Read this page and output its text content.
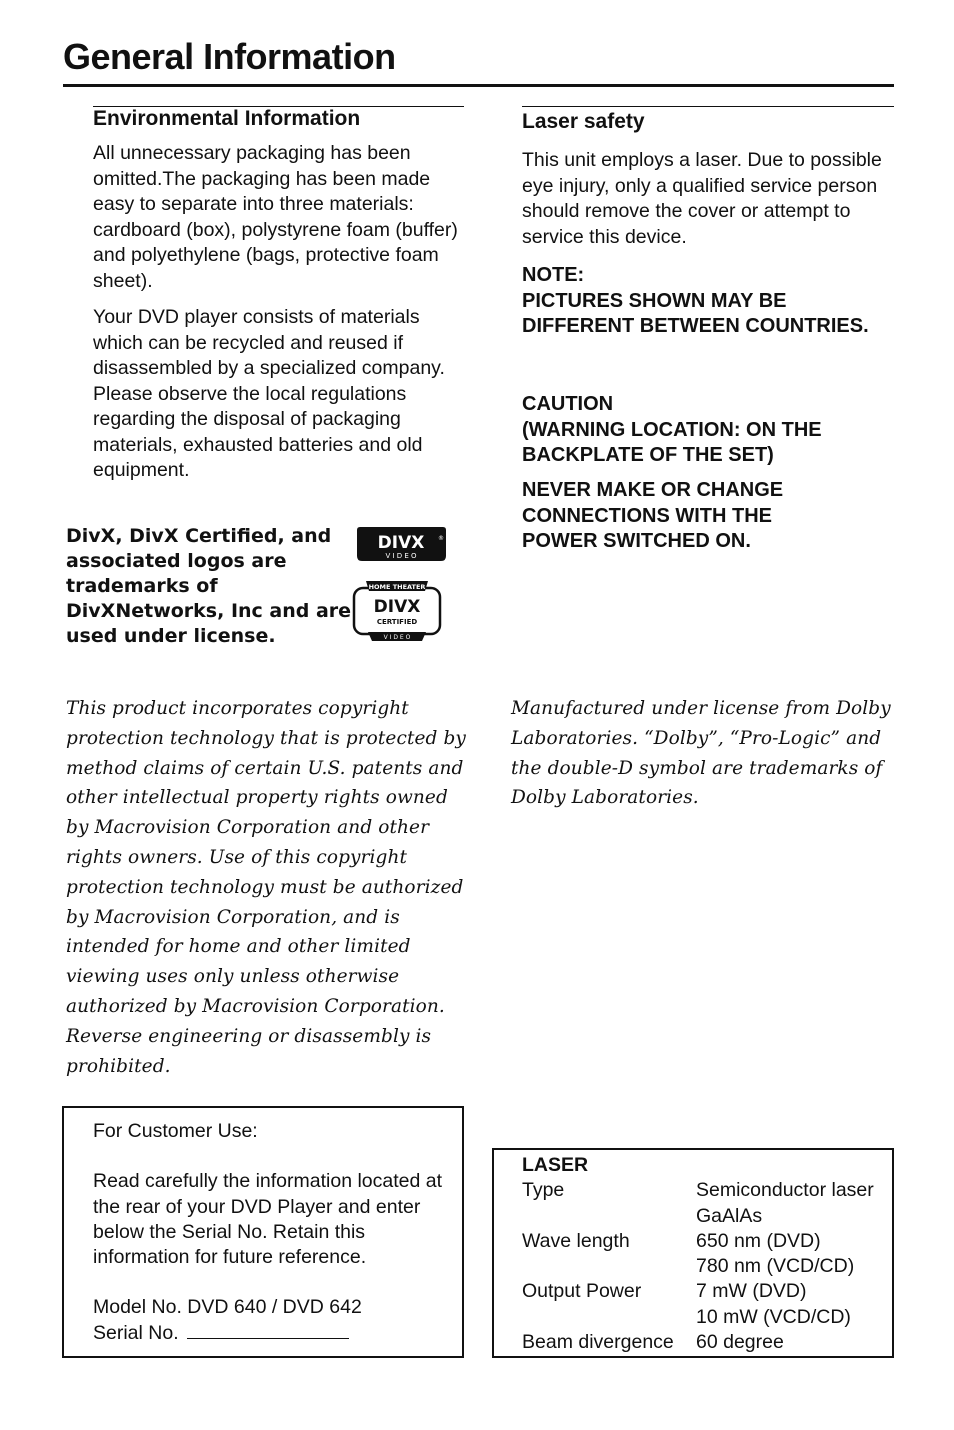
General Information
Environmental Information

All unnecessary packaging has been omitted.The packaging has been made easy to separate into three materials: cardboard (box), polystyrene foam (buffer) and polyethylene (bags, protective foam sheet).

Your DVD player consists of materials which can be recycled and reused if disassembled by a specialized company. Please observe the local regulations regarding the disposal of packaging materials, exhausted batteries and old equipment.

Laser safety
This unit employs a laser. Due to possible eye injury, only a qualified service person should remove the cover or attempt to service this device.

NOTE:

PICTURES SHOWN MAY BE DIFFERENT BETWEEN COUNTRIES.

CAUTION

(WARNING LOCATION: ON THE BACKPLATE OF THE SET)

NEVER MAKE OR CHANGE CONNECTIONS WITH THE POWER SWITCHED ON.
DivX, DivX Certified, and associated logos are trademarks of DivXNetworks, Inc and are used under license.
DIVX
V I D E O
®
HOME THEATER
DIVX
CERTIFIED
V I D E O
This product incorporates copyright protection technology that is protected by method claims of certain U.S. patents and other intellectual property rights owned by Macrovision Corporation and other rights owners. Use of this copyright protection technology must be authorized by Macrovision Corporation, and is intended for home and other limited viewing uses only unless otherwise authorized by Macrovision Corporation. Reverse engineering or disassembly is prohibited.
Manufactured under license from Dolby Laboratories. “Dolby”, “Pro-Logic” and the double-D symbol are trademarks of Dolby Laboratories.

For Customer Use:

Read carefully the information located at the rear of your DVD Player and enter below the Serial No. Retain this information for future reference.

Model No. DVD 640 / DVD 642

Serial No.

LASER
Type	Semiconductor laser
GaAlAs
Wave length	650 nm (DVD)
780 nm (VCD/CD)
Output Power	7 mW (DVD)
10 mW (VCD/CD)
Beam divergence	60 degree
